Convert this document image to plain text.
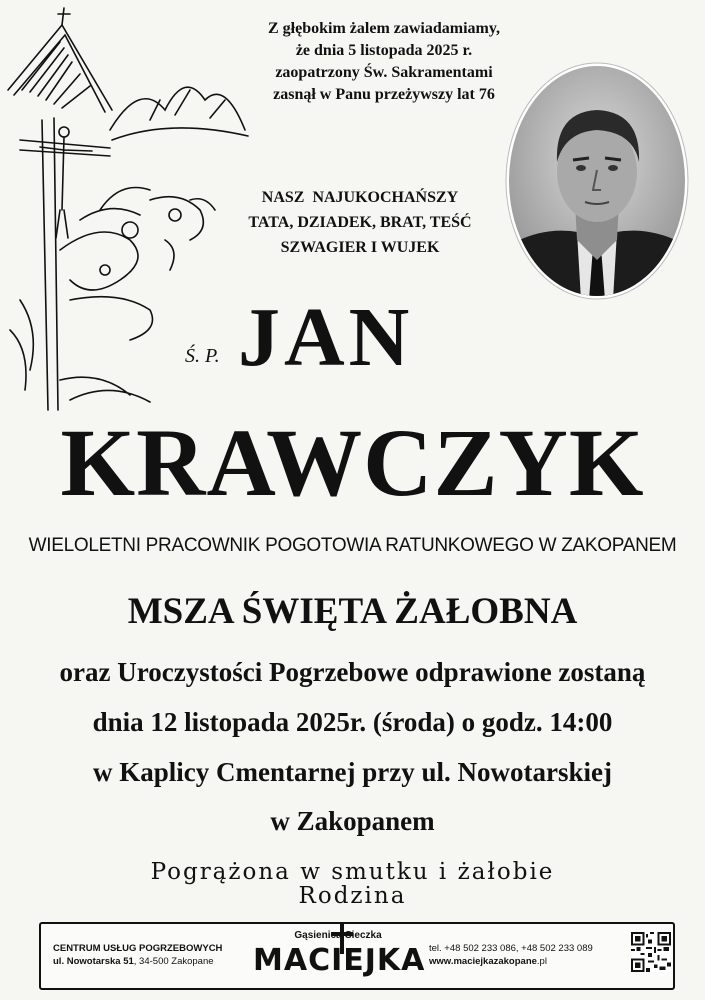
Z głębokim żalem zawiadamiamy,
że dnia 5 listopada 2025 r.
zaopatrzony Św. Sakramentami
zasnął w Panu przeżywszy lat 76
NASZ  NAJUKOCHAŃSZY
TATA, DZIADEK, BRAT, TEŚĆ
SZWAGIER I WUJEK
Ś. P. JAN
KRAWCZYK
WIELOLETNI PRACOWNIK POGOTOWIA RATUNKOWEGO W ZAKOPANEM
MSZA ŚWIĘTA ŻAŁOBNA
oraz Uroczystości Pogrzebowe odprawione zostaną
dnia 12 listopada 2025r. (środa) o godz. 14:00
w Kaplicy Cmentarnej przy ul. Nowotarskiej
w Zakopanem
Pogrążona w smutku i żałobie
Rodzina
CENTRUM USŁUG POGRZEBOWYCH
ul. Nowotarska 51, 34-500 Zakopane
Gąsienica-Sieczka
MACIEJKA tel. +48 502 233 086, +48 502 233 089
www.maciejkazakopane.pl
